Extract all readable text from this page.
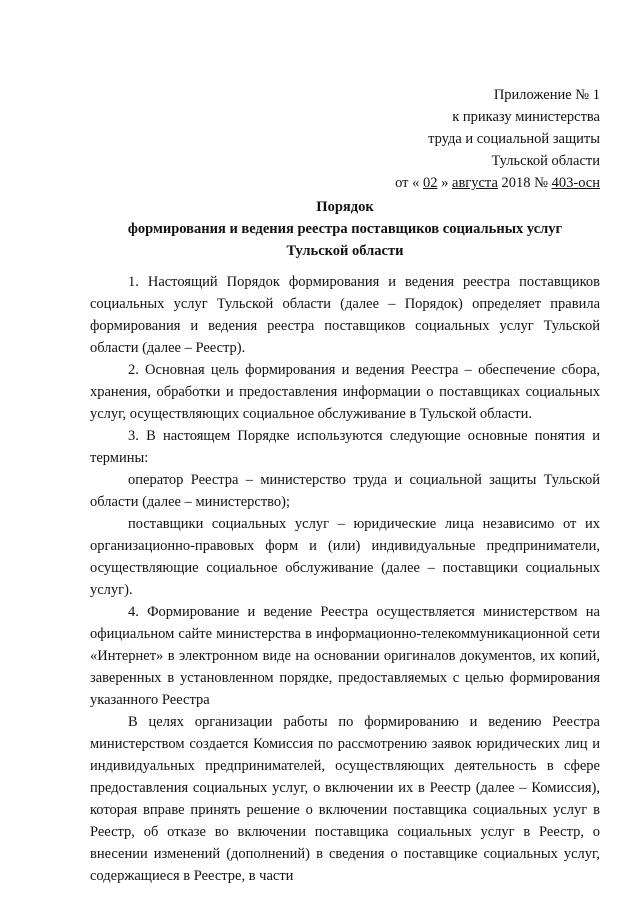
Приложение № 1
к приказу министерства
труда и социальной защиты
Тульской области
от « 02 » августа 2018 № 403-осн
Порядок
формирования и ведения реестра поставщиков социальных услуг
Тульской области

1. Настоящий Порядок формирования и ведения реестра поставщиков социальных услуг Тульской области (далее – Порядок) определяет правила формирования и ведения реестра поставщиков социальных услуг Тульской области (далее – Реестр).

2. Основная цель формирования и ведения Реестра – обеспечение сбора, хранения, обработки и предоставления информации о поставщиках социальных услуг, осуществляющих социальное обслуживание в Тульской области.

3. В настоящем Порядке используются следующие основные понятия и термины:

оператор Реестра – министерство труда и социальной защиты Тульской области (далее – министерство);

поставщики социальных услуг – юридические лица независимо от их организационно-правовых форм и (или) индивидуальные предприниматели, осуществляющие социальное обслуживание (далее – поставщики социальных услуг).

4. Формирование и ведение Реестра осуществляется министерством на официальном сайте министерства в информационно-телекоммуникационной сети «Интернет» в электронном виде на основании оригиналов документов, их копий, заверенных в установленном порядке, предоставляемых с целью формирования указанного Реестра

В целях организации работы по формированию и ведению Реестра министерством создается Комиссия по рассмотрению заявок юридических лиц и индивидуальных предпринимателей, осуществляющих деятельность в сфере предоставления социальных услуг, о включении их в Реестр (далее – Комиссия), которая вправе принять решение о включении поставщика социальных услуг в Реестр, об отказе во включении поставщика социальных услуг в Реестр, о внесении изменений (дополнений) в сведения о поставщике социальных услуг, содержащиеся в Реестре, в части
